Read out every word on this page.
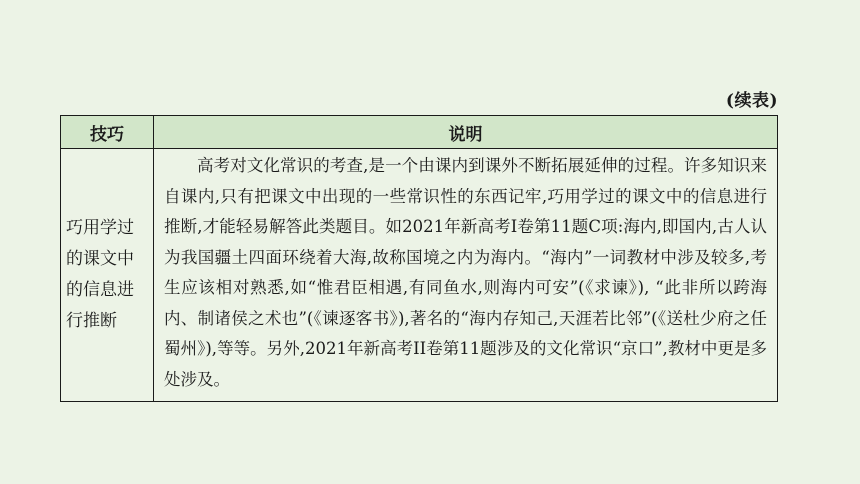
(续表)
技巧	说明
巧用学过的课文中的信息进行推断	高考对文化常识的考查,是一个由课内到课外不断拓展延伸的过程。许多知识来自课内,只有把课文中出现的一些常识性的东西记牢,巧用学过的课文中的信息进行推断,才能轻易解答此类题目。如2021年新高考I卷第11题C项:海内,即国内,古人认为我国疆土四面环绕着大海,故称国境之内为海内。“海内”一词教材中涉及较多,考生应该相对熟悉,如“惟君臣相遇,有同鱼水,则海内可安”(《求谏》), “此非所以跨海内、制诸侯之术也”(《谏逐客书》),著名的“海内存知己,天涯若比邻”(《送杜少府之任蜀州》),等等。另外,2021年新高考II卷第11题涉及的文化常识“京口”,教材中更是多处涉及。
